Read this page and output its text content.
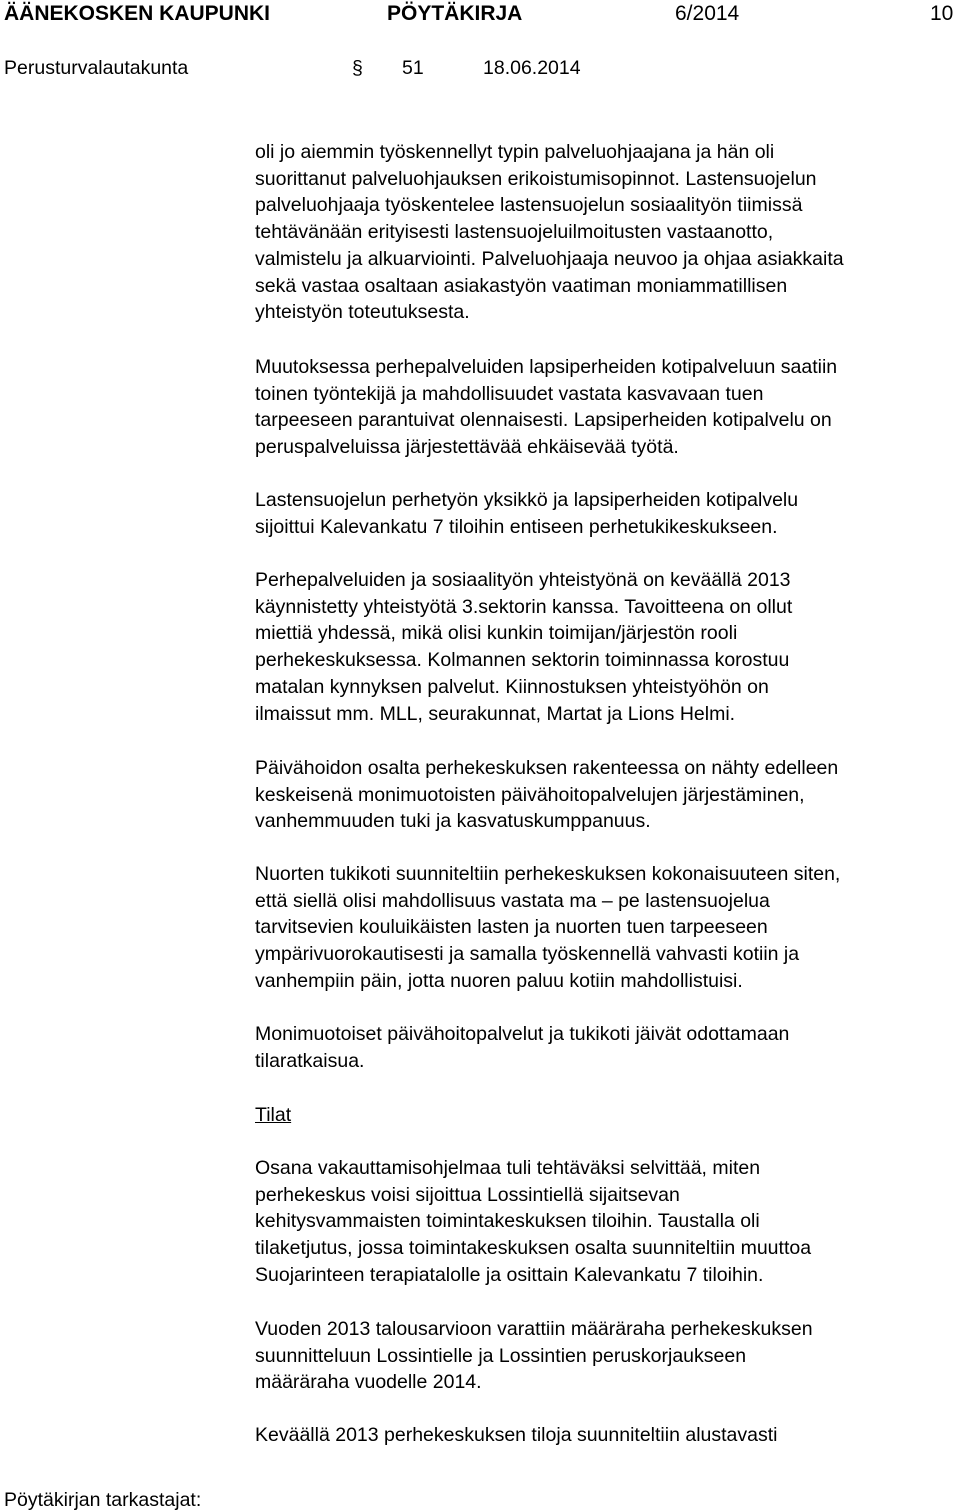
ÄÄNEKOSKEN KAUPUNKI	PÖYTÄKIRJA	6/2014	10
Perusturvalautakunta	§ 51	18.06.2014
oli jo aiemmin työskennellyt typin palveluohjaajana ja hän oli
suorittanut palveluohjauksen erikoistumisopinnot. Lastensuojelun
palveluohjaaja työskentelee lastensuojelun sosiaalityön tiimissä
tehtävänään erityisesti lastensuojeluilmoitusten vastaanotto,
valmistelu ja alkuarviointi. Palveluohjaaja neuvoo ja ohjaa asiakkaita
sekä vastaa osaltaan asiakastyön vaatiman moniammatillisen
yhteistyön toteutuksesta.
Muutoksessa perhepalveluiden lapsiperheiden kotipalveluun saatiin
toinen työntekijä ja mahdollisuudet vastata kasvavaan tuen
tarpeeseen parantuivat olennaisesti. Lapsiperheiden kotipalvelu on
peruspalveluissa järjestettävää ehkäisevää työtä.
Lastensuojelun perhetyön yksikkö ja lapsiperheiden kotipalvelu
sijoittui Kalevankatu 7 tiloihin entiseen perhetukikeskukseen.
Perhepalveluiden ja sosiaalityön yhteistyönä on keväällä 2013
käynnistetty yhteistyötä 3.sektorin kanssa. Tavoitteena on ollut
miettiä yhdessä, mikä olisi kunkin toimijan/järjestön rooli
perhekeskuksessa. Kolmannen sektorin toiminnassa korostuu
matalan kynnyksen palvelut. Kiinnostuksen yhteistyöhön on
ilmaissut mm. MLL, seurakunnat, Martat ja Lions Helmi.
Päivähoidon osalta perhekeskuksen rakenteessa on nähty edelleen
keskeisenä monimuotoisten päivähoitopalvelujen järjestäminen,
vanhemmuuden tuki ja kasvatuskumppanuus.
Nuorten tukikoti suunniteltiin perhekeskuksen kokonaisuuteen siten,
että siellä olisi mahdollisuus vastata ma – pe lastensuojelua
tarvitsevien kouluikäisten lasten ja nuorten tuen tarpeeseen
ympärivuorokautisesti ja samalla työskennellä vahvasti kotiin ja
vanhempiin päin, jotta nuoren paluu kotiin mahdollistuisi.
Monimuotoiset päivähoitopalvelut ja tukikoti jäivät odottamaan
tilaratkaisua.
Tilat
Osana vakauttamisohjelmaa tuli tehtäväksi selvittää, miten
perhekeskus voisi sijoittua Lossintiellä sijaitsevan
kehitysvammaisten toimintakeskuksen tiloihin. Taustalla oli
tilaketjutus, jossa toimintakeskuksen osalta suunniteltiin muuttoa
Suojarinteen terapiatalolle ja osittain Kalevankatu 7 tiloihin.
Vuoden 2013 talousarvioon varattiin määräraha perhekeskuksen
suunnitteluun Lossintielle ja Lossintien peruskorjaukseen
määräraha vuodelle 2014.
Keväällä 2013 perhekeskuksen tiloja suunniteltiin alustavasti
Pöytäkirjan tarkastajat:
